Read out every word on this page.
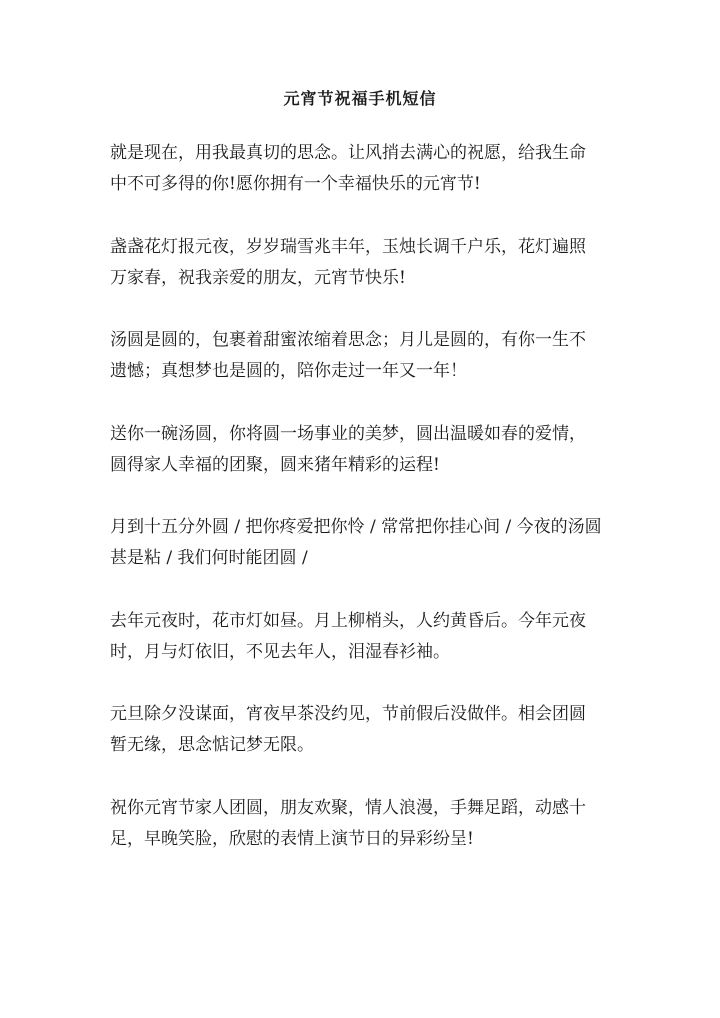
元宵节祝福手机短信

就是现在，用我最真切的思念。让风捎去满心的祝愿，给我生命中不可多得的你!愿你拥有一个幸福快乐的元宵节!

盏盏花灯报元夜，岁岁瑞雪兆丰年，玉烛长调千户乐，花灯遍照万家春，祝我亲爱的朋友，元宵节快乐!

汤圆是圆的，包裹着甜蜜浓缩着思念；月儿是圆的，有你一生不遗憾；真想梦也是圆的，陪你走过一年又一年！

送你一碗汤圆，你将圆一场事业的美梦，圆出温暖如春的爱情，圆得家人幸福的团聚，圆来猪年精彩的运程!

月到十五分外圆 / 把你疼爱把你怜 / 常常把你挂心间 / 今夜的汤圆甚是粘 / 我们何时能团圆 /

去年元夜时，花市灯如昼。月上柳梢头，人约黄昏后。今年元夜时，月与灯依旧，不见去年人，泪湿春衫袖。

元旦除夕没谋面，宵夜早茶没约见，节前假后没做伴。相会团圆暂无缘，思念惦记梦无限。

祝你元宵节家人团圆，朋友欢聚，情人浪漫，手舞足蹈，动感十足，早晚笑脸，欣慰的表情上演节日的异彩纷呈!
